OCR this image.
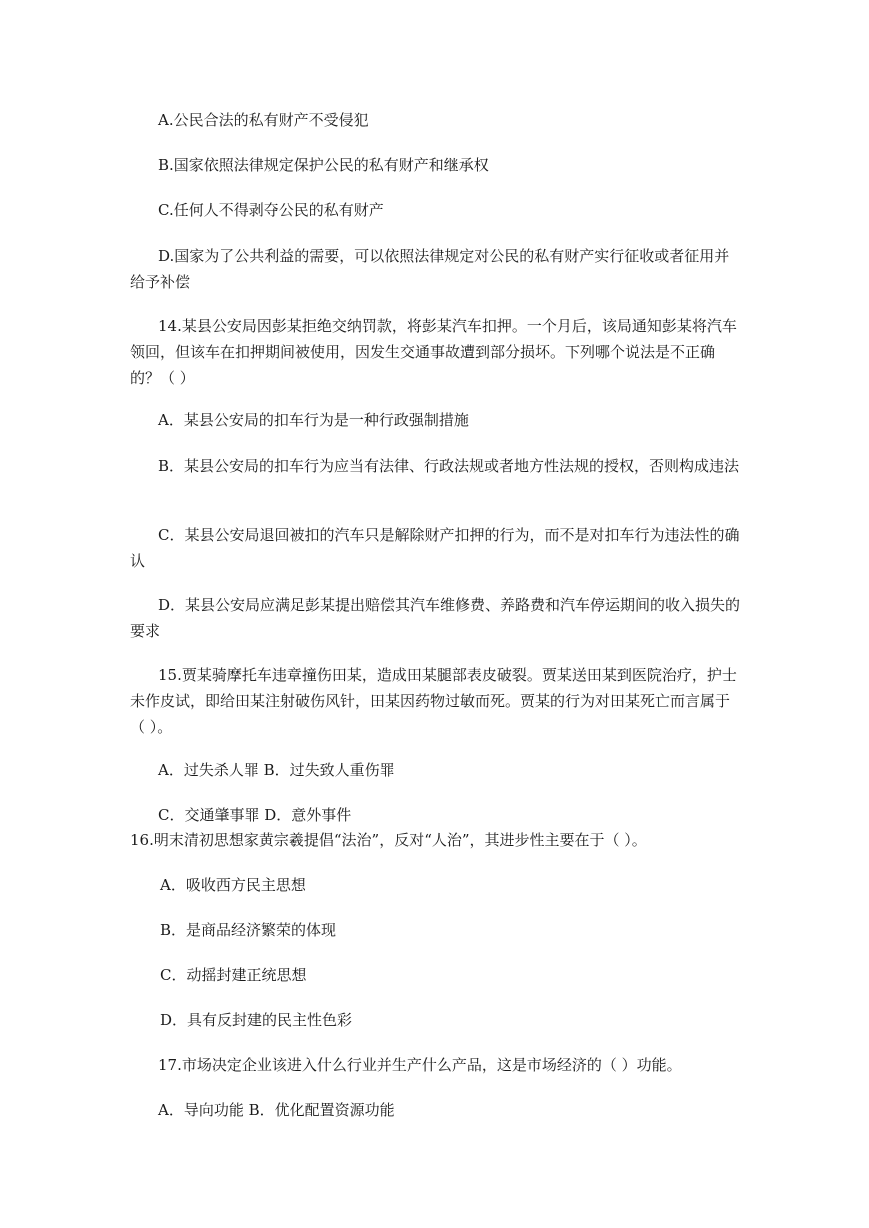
A.公民合法的私有财产不受侵犯
B.国家依照法律规定保护公民的私有财产和继承权
C.任何人不得剥夺公民的私有财产
D.国家为了公共利益的需要，可以依照法律规定对公民的私有财产实行征收或者征用并给予补偿
14.某县公安局因彭某拒绝交纳罚款，将彭某汽车扣押。一个月后，该局通知彭某将汽车领回，但该车在扣押期间被使用，因发生交通事故遭到部分损坏。下列哪个说法是不正确的？（ ）
A．某县公安局的扣车行为是一种行政强制措施
B．某县公安局的扣车行为应当有法律、行政法规或者地方性法规的授权，否则构成违法
C．某县公安局退回被扣的汽车只是解除财产扣押的行为，而不是对扣车行为违法性的确认
D．某县公安局应满足彭某提出赔偿其汽车维修费、养路费和汽车停运期间的收入损失的要求
15.贾某骑摩托车违章撞伤田某，造成田某腿部表皮破裂。贾某送田某到医院治疗，护士未作皮试，即给田某注射破伤风针，田某因药物过敏而死。贾某的行为对田某死亡而言属于（ ）。
A．过失杀人罪 B．过失致人重伤罪
C．交通肇事罪 D．意外事件
16.明末清初思想家黄宗羲提倡“法治”，反对“人治”，其进步性主要在于（ ）。
A．吸收西方民主思想
B．是商品经济繁荣的体现
C．动摇封建正统思想
D．具有反封建的民主性色彩
17.市场决定企业该进入什么行业并生产什么产品，这是市场经济的（ ）功能。
A．导向功能 B．优化配置资源功能
